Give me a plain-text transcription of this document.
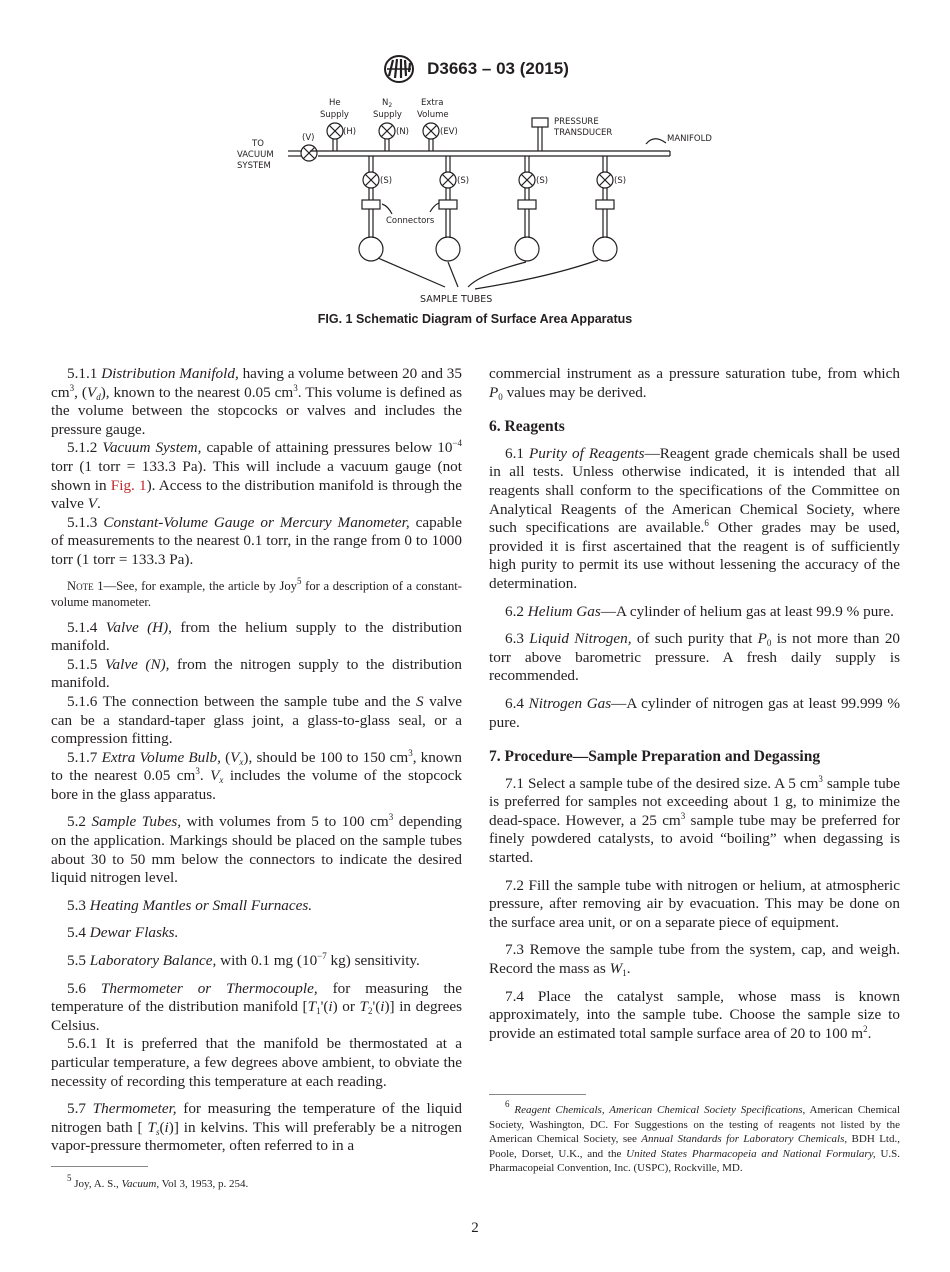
D3663 – 03 (2015)
TO
VACUUM
SYSTEM
(V)
He
Supply
(H)
$N_2$
Supply
(N)
Extra
Volume
(EV)
PRESSURE
TRANSDUCER
MANIFOLD
(S)	(S)	(S)	(S)
Connectors
SAMPLE TUBES
FIG. 1 Schematic Diagram of Surface Area Apparatus

5.1.1 Distribution Manifold, having a volume between 20 and 35 $cm^3$, $(V_d)$, known to the nearest 0.05 $cm^3$. This volume is defined as the volume between the stopcocks or valves and includes the pressure gauge.

5.1.2 Vacuum System, capable of attaining pressures below $10^{-4}$ torr (1 torr = 133.3 Pa). This will include a vacuum gauge (not shown in Fig. 1). Access to the distribution manifold is through the valve V.

5.1.3 Constant-Volume Gauge or Mercury Manometer, capable of measurements to the nearest 0.1 torr, in the range from 0 to 1000 torr (1 torr = 133.3 Pa).

Note 1—See, for example, the article by Joy$^5$ for a description of a constant-volume manometer.

5.1.4 Valve (H), from the helium supply to the distribution manifold.

5.1.5 Valve (N), from the nitrogen supply to the distribution manifold.

5.1.6 The connection between the sample tube and the S valve can be a standard-taper glass joint, a glass-to-glass seal, or a compression fitting.

5.1.7 Extra Volume Bulb, $(V_x)$, should be 100 to 150 $cm^3$, known to the nearest 0.05 $cm^3$. $V_x$ includes the volume of the stopcock bore in the glass apparatus.

5.2 Sample Tubes, with volumes from 5 to 100 $cm^3$ depending on the application. Markings should be placed on the sample tubes about 30 to 50 mm below the connectors to indicate the desired liquid nitrogen level.

5.3 Heating Mantles or Small Furnaces.

5.4 Dewar Flasks.

5.5 Laboratory Balance, with 0.1 mg ($10^{-7}$ kg) sensitivity.

5.6 Thermometer or Thermocouple, for measuring the temperature of the distribution manifold [$T_1'(i)$ or $T_2'(i)$] in degrees Celsius.

5.6.1 It is preferred that the manifold be thermostated at a particular temperature, a few degrees above ambient, to obviate the necessity of recording this temperature at each reading.

5.7 Thermometer, for measuring the temperature of the liquid nitrogen bath [ $T_s(i)$] in kelvins. This will preferably be a nitrogen vapor-pressure thermometer, often referred to in a

commercial instrument as a pressure saturation tube, from which $P_0$ values may be derived.

6. Reagents

6.1 Purity of Reagents—Reagent grade chemicals shall be used in all tests. Unless otherwise indicated, it is intended that all reagents shall conform to the specifications of the Committee on Analytical Reagents of the American Chemical Society, where such specifications are available.$^6$ Other grades may be used, provided it is first ascertained that the reagent is of sufficiently high purity to permit its use without lessening the accuracy of the determination.

6.2 Helium Gas—A cylinder of helium gas at least 99.9 % pure.

6.3 Liquid Nitrogen, of such purity that $P_0$ is not more than 20 torr above barometric pressure. A fresh daily supply is recommended.

6.4 Nitrogen Gas—A cylinder of nitrogen gas at least 99.999 % pure.

7. Procedure—Sample Preparation and Degassing

7.1 Select a sample tube of the desired size. A 5 $cm^3$ sample tube is preferred for samples not exceeding about 1 g, to minimize the dead-space. However, a 25 $cm^3$ sample tube may be preferred for finely powdered catalysts, to avoid “boiling” when degassing is started.

7.2 Fill the sample tube with nitrogen or helium, at atmospheric pressure, after removing air by evacuation. This may be done on the surface area unit, or on a separate piece of equipment.

7.3 Remove the sample tube from the system, cap, and weigh. Record the mass as $W_1$.

7.4 Place the catalyst sample, whose mass is known approximately, into the sample tube. Choose the sample size to provide an estimated total sample surface area of 20 to 100 $m^2$.

$^5$ Joy, A. S., Vacuum, Vol 3, 1953, p. 254.
$^6$ Reagent Chemicals, American Chemical Society Specifications, American Chemical Society, Washington, DC. For Suggestions on the testing of reagents not listed by the American Chemical Society, see Annual Standards for Laboratory Chemicals, BDH Ltd., Poole, Dorset, U.K., and the United States Pharmacopeia and National Formulary, U.S. Pharmacopeial Convention, Inc. (USPC), Rockville, MD.
2
